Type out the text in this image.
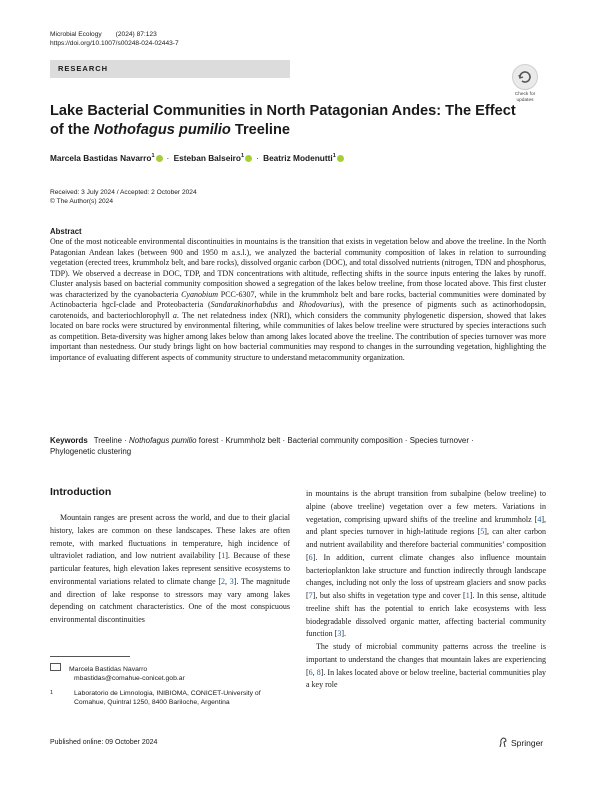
Microbial Ecology (2024) 87:123
https://doi.org/10.1007/s00248-024-02443-7
RESEARCH
Check for
updates
Lake Bacterial Communities in North Patagonian Andes: The Effect
of the Nothofagus pumilio Treeline
Marcela Bastidas Navarro$^1$ · Esteban Balseiro$^1$ · Beatriz Modenutti$^1$
Received: 3 July 2024 / Accepted: 2 October 2024
© The Author(s) 2024
Abstract
One of the most noticeable environmental discontinuities in mountains is the transition that exists in vegetation below and above the treeline. In the North Patagonian Andean lakes (between 900 and 1950 m a.s.l.), we analyzed the bacterial community composition of lakes in relation to surrounding vegetation (erected trees, krummholz belt, and bare rocks), dissolved organic carbon (DOC), and total dissolved nutrients (nitrogen, TDN and phosphorus, TDP). We observed a decrease in DOC, TDP, and TDN concentrations with altitude, reflecting shifts in the source inputs entering the lakes by runoff. Cluster analysis based on bacterial community composition showed a segregation of the lakes below treeline, from those located above. This first cluster was characterized by the cyanobacteria Cyanobium PCC-6307, while in the krummholz belt and bare rocks, bacterial communities were dominated by Actinobacteria hgcI-clade and Proteobacteria (Sandarakinorhabdus and Rhodovarius), with the presence of pigments such as actinorhodopsin, carotenoids, and bacteriochlorophyll a. The net relatedness index (NRI), which considers the community phylogenetic dispersion, showed that lakes located on bare rocks were structured by environmental filtering, while communities of lakes below treeline were structured by species interactions such as competition. Beta-diversity was higher among lakes below than among lakes located above the treeline. The contribution of species turnover was more important than nestedness. Our study brings light on how bacterial communities may respond to changes in the surrounding vegetation, highlighting the importance of evaluating different aspects of community structure to understand metacommunity organization.
Keywords Treeline · Nothofagus pumilio forest · Krummholz belt · Bacterial community composition · Species turnover ·
Phylogenetic clustering
Introduction

Mountain ranges are present across the world, and due to their glacial history, lakes are common on these landscapes. These lakes are often remote, with marked fluctuations in temperature, high incidence of ultraviolet radiation, and low nutrient availability [1]. Because of these particular features, high elevation lakes represent sensitive ecosystems to environmental variations related to climate change [2, 3]. The magnitude and direction of lake response to stressors may vary among lakes depending on catchment characteristics. One of the most conspicuous environmental discontinuities

in mountains is the abrupt transition from subalpine (below treeline) to alpine (above treeline) vegetation over a few meters. Variations in vegetation, comprising upward shifts of the treeline and krummholz [4], and plant species turnover in high-latitude regions [5], can alter carbon and nutrient availability and therefore bacterial communities’ composition [6]. In addition, current climate changes also influence mountain bacterioplankton lake structure and function indirectly through landscape changes, including not only the loss of upstream glaciers and snow packs [7], but also shifts in vegetation type and cover [1]. In this sense, altitude treeline shift has the potential to enrich lake ecosystems with less biodegradable dissolved organic matter, affecting bacterial community function [3].

The study of microbial community patterns across the treeline is important to understand the changes that mountain lakes are experiencing [6, 8]. In lakes located above or below treeline, bacterial communities play a key role

Marcela Bastidas Navarro
mbastidas@comahue-conicet.gob.ar
1	Laboratorio de Limnologia, INIBIOMA, CONICET-University of Comahue, Quintral 1250, 8400 Bariloche, Argentina
Published online: 09 October 2024	Springer
